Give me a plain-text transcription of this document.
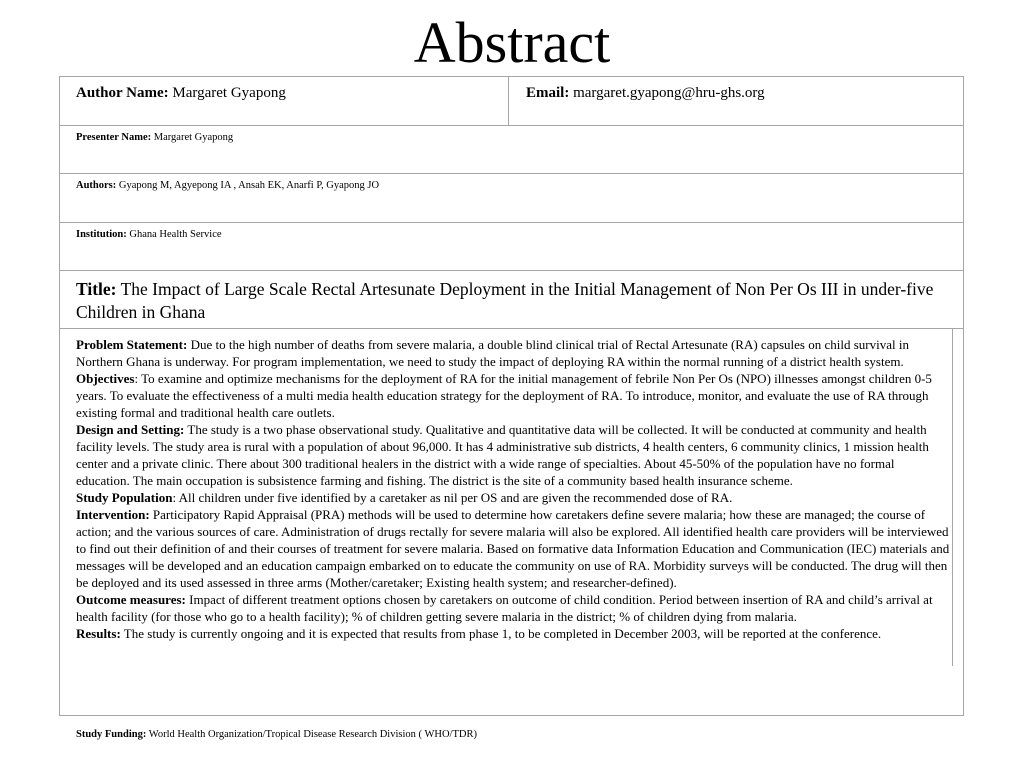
Abstract
Author Name: Margaret Gyapong	Email: margaret.gyapong@hru-ghs.org
Presenter Name: Margaret Gyapong
Authors: Gyapong M, Agyepong IA , Ansah EK, Anarfi P, Gyapong JO
Institution: Ghana Health Service
Title: The Impact of Large Scale Rectal Artesunate Deployment in the Initial Management of Non Per Os III in under-five Children in Ghana

Problem Statement: Due to the high number of deaths from severe malaria, a double blind clinical trial of Rectal Artesunate (RA) capsules on child survival in Northern Ghana is underway. For program implementation, we need to study the impact of deploying RA within the normal running of a district health system.

Objectives: To examine and optimize mechanisms for the deployment of RA for the initial management of febrile Non Per Os (NPO) illnesses amongst children 0-5 years. To evaluate the effectiveness of a multi media health education strategy for the deployment of RA. To introduce, monitor, and evaluate the use of RA through existing formal and traditional health care outlets.

Design and Setting: The study is a two phase observational study. Qualitative and quantitative data will be collected. It will be conducted at community and health facility levels. The study area is rural with a population of about 96,000. It has 4 administrative sub districts, 4 health centers, 6 community clinics, 1 mission health center and a private clinic. There about 300 traditional healers in the district with a wide range of specialties. About 45-50% of the population have no formal education. The main occupation is subsistence farming and fishing. The district is the site of a community based health insurance scheme.

Study Population: All children under five identified by a caretaker as nil per OS and are given the recommended dose of RA.

Intervention: Participatory Rapid Appraisal (PRA) methods will be used to determine how caretakers define severe malaria; how these are managed; the course of action; and the various sources of care. Administration of drugs rectally for severe malaria will also be explored. All identified health care providers will be interviewed to find out their definition of and their courses of treatment for severe malaria. Based on formative data Information Education and Communication (IEC) materials and messages will be developed and an education campaign embarked on to educate the community on use of RA. Morbidity surveys will be conducted. The drug will then be deployed and its used assessed in three arms (Mother/caretaker; Existing health system; and researcher-defined).

Outcome measures: Impact of different treatment options chosen by caretakers on outcome of child condition. Period between insertion of RA and child’s arrival at health facility (for those who go to a health facility); % of children getting severe malaria in the district; % of children dying from malaria.

Results: The study is currently ongoing and it is expected that results from phase 1, to be completed in December 2003, will be reported at the conference.

Study Funding: World Health Organization/Tropical Disease Research Division ( WHO/TDR)
